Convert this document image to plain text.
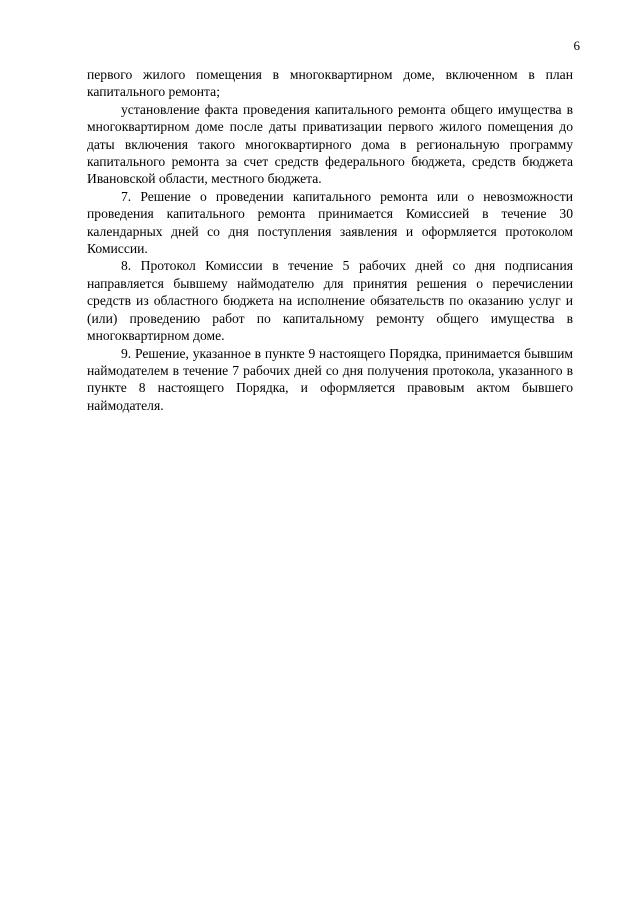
6

первого жилого помещения в многоквартирном доме, включенном в план капитального ремонта;

установление факта проведения капитального ремонта общего имущества в многоквартирном доме после даты приватизации первого жилого помещения до даты включения такого многоквартирного дома в региональную программу капитального ремонта за счет средств федерального бюджета, средств бюджета Ивановской области, местного бюджета.

7. Решение о проведении капитального ремонта или о невозможности проведения капитального ремонта принимается Комиссией в течение 30 календарных дней со дня поступления заявления и оформляется протоколом Комиссии.

8. Протокол Комиссии в течение 5 рабочих дней со дня подписания направляется бывшему наймодателю для принятия решения о перечислении средств из областного бюджета на исполнение обязательств по оказанию услуг и (или) проведению работ по капитальному ремонту общего имущества в многоквартирном доме.

9. Решение, указанное в пункте 9 настоящего Порядка, принимается бывшим наймодателем в течение 7 рабочих дней со дня получения протокола, указанного в пункте 8 настоящего Порядка, и оформляется правовым актом бывшего наймодателя.
